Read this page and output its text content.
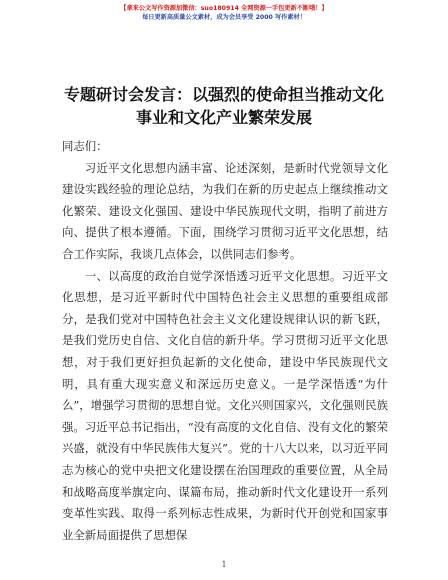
【拿来公文写作资源加微信：suo180914 全网资源一手包更新不断哦！】
每日更新高质量公文素材，成为会员享受 2000 写作素材！
专题研讨会发言：以强烈的使命担当推动文化
事业和文化产业繁荣发展

同志们：

习近平文化思想内涵丰富、论述深刻，是新时代党领导文化建设实践经验的理论总结，为我们在新的历史起点上继续推动文化繁荣、建设文化强国、建设中华民族现代文明，指明了前进方向、提供了根本遵循。下面，围绕学习贯彻习近平文化思想，结合工作实际，我谈几点体会，以供同志们参考。

一、以高度的政治自觉学深悟透习近平文化思想。习近平文化思想，是习近平新时代中国特色社会主义思想的重要组成部分，是我们党对中国特色社会主义文化建设规律认识的新飞跃，是我们党历史自信、文化自信的新升华。学习贯彻习近平文化思想，对于我们更好担负起新的文化使命，建设中华民族现代文明，具有重大现实意义和深远历史意义。一是学深悟透“为什么”，增强学习贯彻的思想自觉。文化兴则国家兴，文化强则民族强。习近平总书记指出，“没有高度的文化自信、没有文化的繁荣兴盛，就没有中华民族伟大复兴”。党的十八大以来，以习近平同志为核心的党中央把文化建设摆在治国理政的重要位置，从全局和战略高度举旗定向、谋篇布局，推动新时代文化建设开一系列变革性实践、取得一系列标志性成果，为新时代开创党和国家事业全新局面提供了思想保

1
